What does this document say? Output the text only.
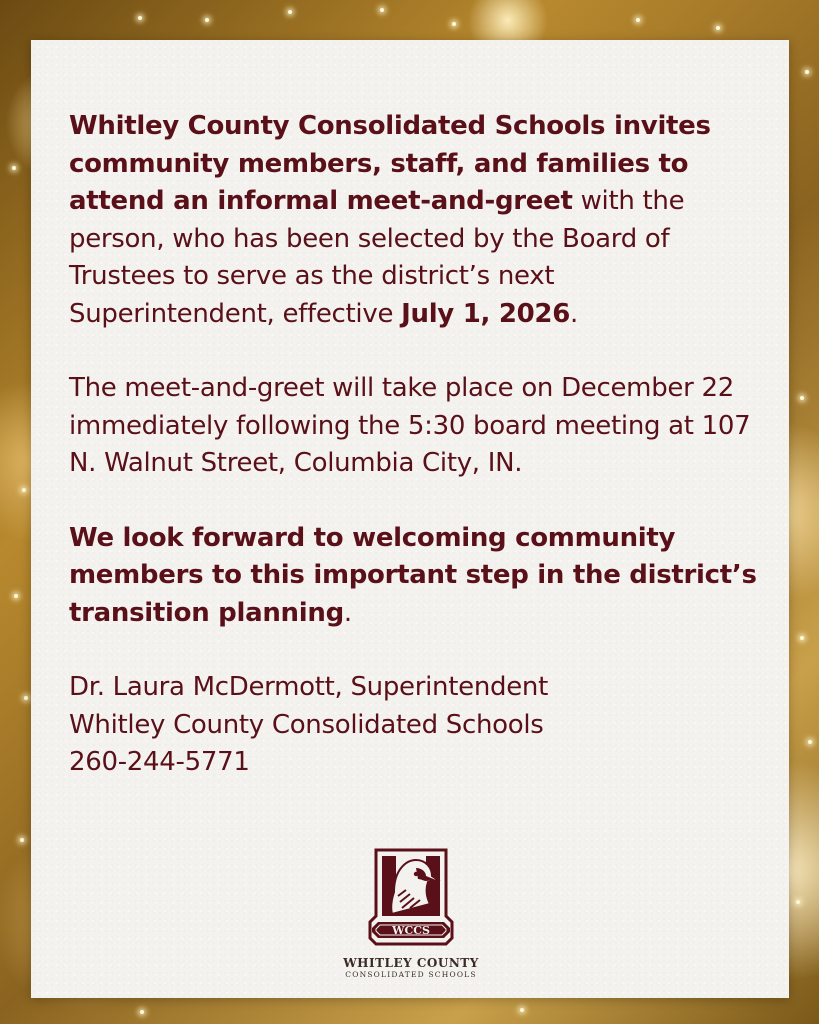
Whitley County Consolidated Schools invites community members, staff, and families to attend an informal meet-and-greet with the person, who has been selected by the Board of Trustees to serve as the district’s next Superintendent, effective July 1, 2026.

The meet-and-greet will take place on December 22 immediately following the 5:30 board meeting at 107 N. Walnut Street, Columbia City, IN.

We look forward to welcoming community members to this important step in the district’s transition planning.

Dr. Laura McDermott, Superintendent

Whitley County Consolidated Schools

260-244-5771

WCCS
WHITLEY COUNTY
CONSOLIDATED SCHOOLS
